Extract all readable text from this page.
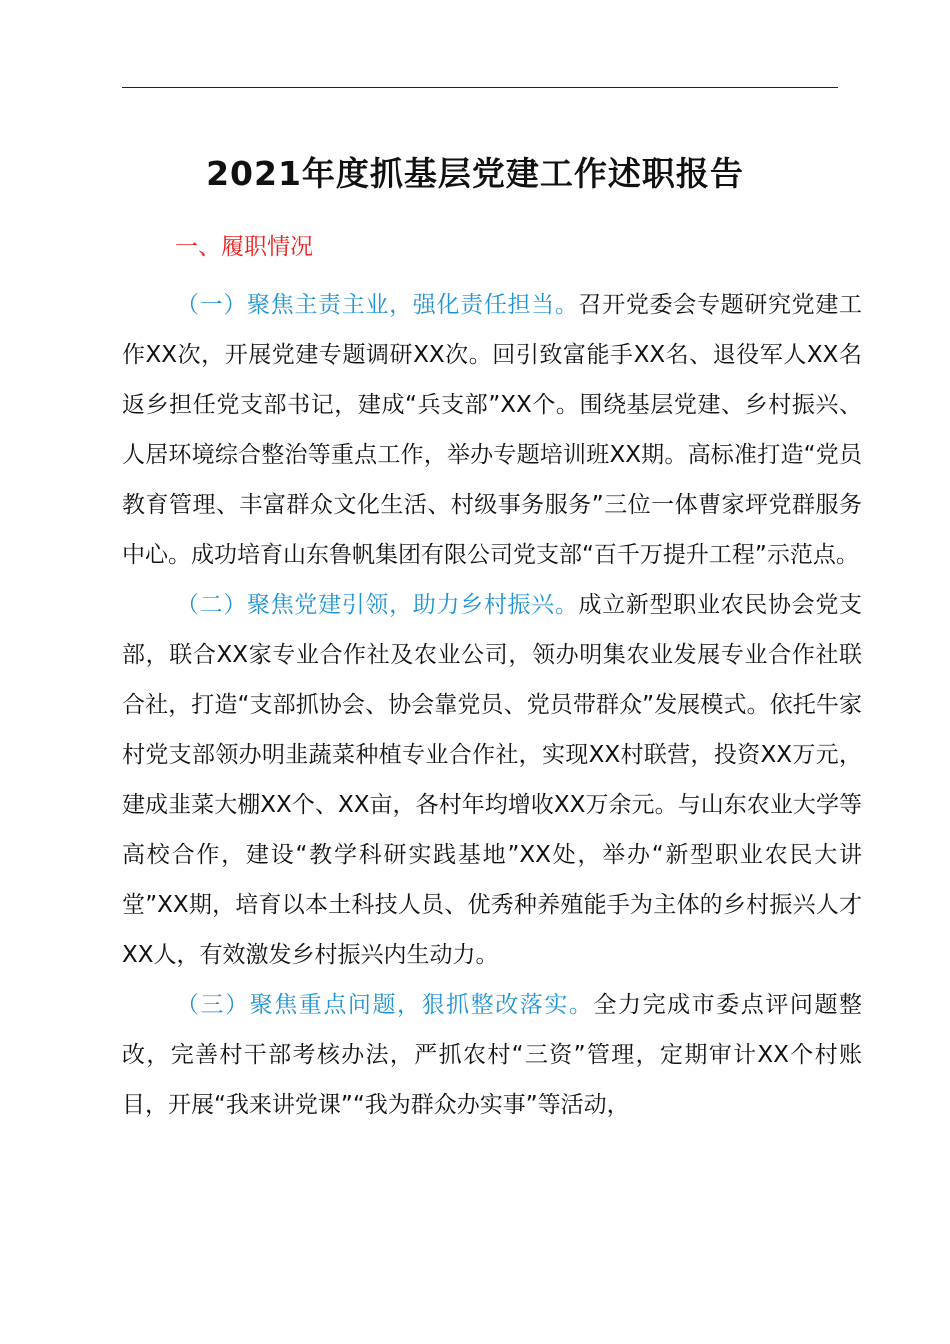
2021年度抓基层党建工作述职报告
一、履职情况

（一）聚焦主责主业，强化责任担当。召开党委会专题研究党建工作XX次，开展党建专题调研XX次。回引致富能手XX名、退役军人XX名返乡担任党支部书记，建成“兵支部”XX个。围绕基层党建、乡村振兴、人居环境综合整治等重点工作，举办专题培训班XX期。高标准打造“党员教育管理、丰富群众文化生活、村级事务服务”三位一体曹家坪党群服务中心。成功培育山东鲁帆集团有限公司党支部“百千万提升工程”示范点。

（二）聚焦党建引领，助力乡村振兴。成立新型职业农民协会党支部，联合XX家专业合作社及农业公司，领办明集农业发展专业合作社联合社，打造“支部抓协会、协会靠党员、党员带群众”发展模式。依托牛家村党支部领办明韭蔬菜种植专业合作社，实现XX村联营，投资XX万元，建成韭菜大棚XX个、XX亩，各村年均增收XX万余元。与山东农业大学等高校合作，建设“教学科研实践基地”XX处，举办“新型职业农民大讲堂”XX期，培育以本土科技人员、优秀种养殖能手为主体的乡村振兴人才XX人，有效激发乡村振兴内生动力。

（三）聚焦重点问题，狠抓整改落实。全力完成市委点评问题整改，完善村干部考核办法，严抓农村“三资”管理，定期审计XX个村账目，开展“我来讲党课”“我为群众办实事”等活动，
